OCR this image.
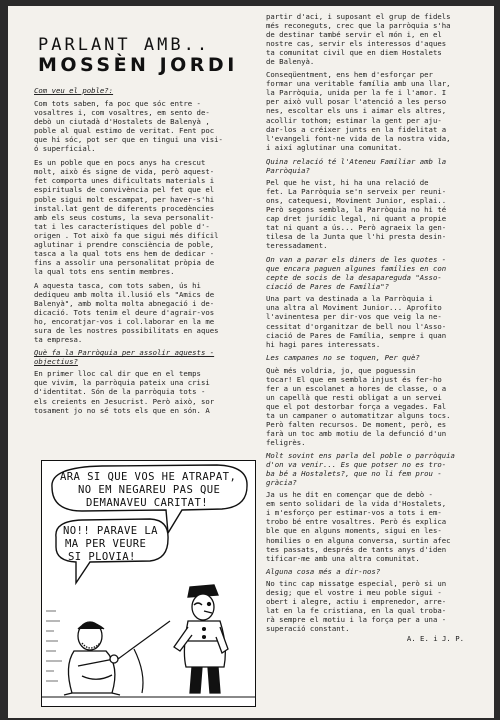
PARLANT AMB..

MOSSÈN JORDI

Com veu el poble?:

Com tots saben, fa poc que sóc entre -
vosaltres i, com vosaltres, em sento de-
debò un ciutadà d'Hostalets de Balenyà ,
poble al qual estimo de veritat. Fent poc
que hi sóc, pot ser que en tingui una visi-
ó superficial.

Es un poble que en pocs anys ha crescut
molt, això és signe de vida, però aquest-
fet comporta unes dificultats materials i
espirituals de convivència pel fet que el
poble sigui molt escampat, per haver-s'hi
instal.lat gent de diferents procedències
amb els seus costums, la seva personalit-
tat i les característiques del poble d'-
origen . Tot això fa que sigui més difícil
aglutinar i prendre consciència de poble,
tasca a la qual tots ens hem de dedicar -
fins a assolir una personalitat pròpia de
la qual tots ens sentim membres.

A aquesta tasca, com tots saben, ús hi
dediqueu amb molta il.lusió els "Amics de
Balenyà", amb molta molta abnegació i de-
dicació. Tots tenim el deure d'agrair-vos
ho, encoratjar-vos i col.laborar en la me
sura de les nostres possibilitats en aques
ta empresa.

Què fa la Parròquia per assolir aquests -
objectius?

En primer lloc cal dir que en el temps
que vivim, la parròquia pateix una crisi
d'identitat. Són de la parròquia tots -
els creients en Jesucrist. Però això, sor
tosament jo no sé tots els que en són. A

ARA SI QUE VOS HE ATRAPAT, NO EM NEGAREU PAS QUE DEMANAVEU CARITAT!
NO!! PARAVE LA MA PER VEURE SI PLOVIA!

partir d'aci, i suposant el grup de fidels
més reconeguts, crec que la parròquia s'ha
de destinar també servir el món i, en el
nostre cas, servir els interessos d'aques
ta comunitat civil que en diem Hostalets
de Balenyà.

Conseqüentment, ens hem d'esforçar per
formar una veritable família amb una llar,
la Parròquia, unida per la fe i l'amor. I
per això vull posar l'atenció a les perso
nes, escoltar els uns i aimar els altres,
acollir tothom; estimar la gent per aju-
dar-los a créixer junts en la fidelitat a
l'evangeli font-ne vida de la nostra vida,
i així aglutinar una comunitat.

Quina relació té l'Ateneu Familiar amb la
Parròquia?

Pel que he vist, hi ha una relació de
fet. La Parròquia se'n serveix per reuni-
ons, catequesi, Moviment Junior, esplai..
Però segons sembla, la Parròquia no hi té
cap dret jurídic legal, ni quant a propie
tat ni quant a ús... Però agraeix la gen-
tilesa de la Junta que l'hi presta desin-
teressadament.

On van a parar els diners de les quotes -
que encara paguen algunes famílies en con
cepte de socis de la desapareguda "Asso-
ciació de Pares de Família"?

Una part va destinada a la Parròquia i
una altra al Moviment Junior... Aprofito
l'avinentesa per dir-vos que veig la ne-
cessitat d'organitzar de bell nou l'Asso-
ciació de Pares de Família, sempre i quan
hi hagi pares interessats.

Les campanes no se toquen, Per què?

Què més voldria, jo, que poguessin
tocar! El que em sembla injust és fer-ho
fer a un escolanet a hores de classe, o a
un capellà que resti obligat a un servei
que el pot destorbar força a vegades. Fal
ta un campaner o automatitzar alguns tocs.
Però falten recursos. De moment, però, es
farà un toc amb motiu de la defunció d'un
feligrès.

Molt sovint ens parla del poble o parròquia
d'on va venir... Es que potser no es tro-
ba bé a Hostalets?, que no li fem prou -
gràcia?

Ja us he dit en començar que de debò -
em sento solidari de la vida d'Hostalets,
i m'esforço per estimar-vos a tots i em-
trobo bé entre vosaltres. Però és explica
ble que en alguns moments, sigui en les-
homilies o en alguna conversa, surtin afec
tes passats, després de tants anys d'iden
tificar-me amb una altra comunitat.

Alguna cosa més a dir-nos?

No tinc cap missatge especial, però si un
desig; que el vostre i meu poble sigui -
obert i alegre, actiu i emprenedor, arre-
lat en la fe cristiana, en la qual troba-
rà sempre el motiu i la força per a una -
superació constant.

A. E. i J. P.
